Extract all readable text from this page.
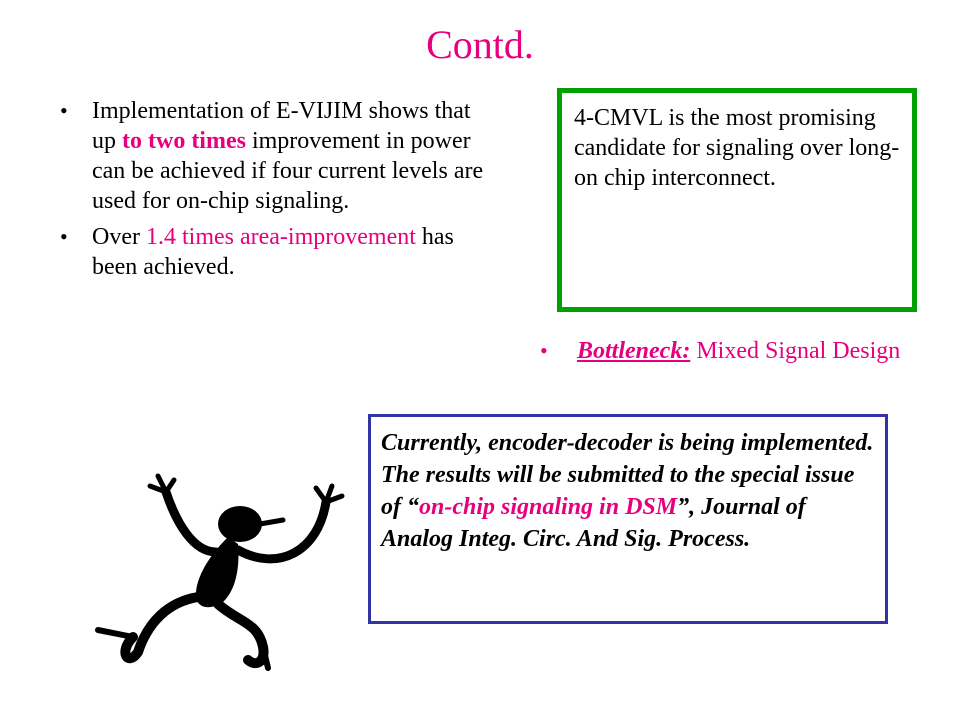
Contd.
• Implementation of E-VIJIM shows that up to two times improvement in power can be achieved if four current levels are used for on-chip signaling.
• Over 1.4 times area-improvement has been achieved.
4-CMVL is the most promising candidate for signaling over long-on chip interconnect.
• Bottleneck: Mixed Signal Design
Currently, encoder-decoder is being implemented. The results will be submitted to the special issue of “on-chip signaling in DSM”, Journal of Analog Integ. Circ. And Sig. Process.
